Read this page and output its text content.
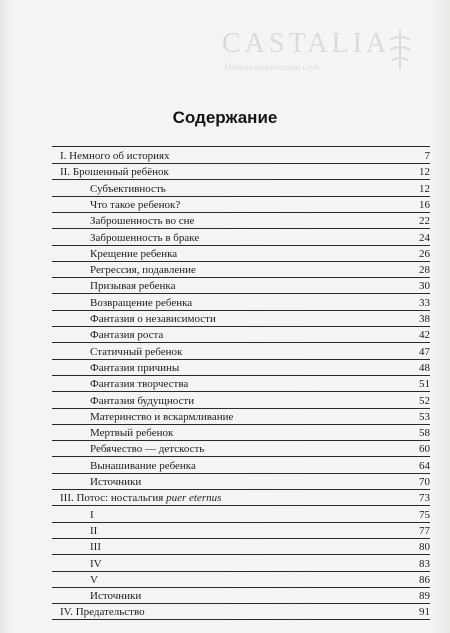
CASTALIA
Метаисторический клуб
Содержание
I. Немного об историях	7
II. Брошенный ребёнок	12
Субъективность	12
Что такое ребенок?	16
Заброшенность во сне	22
Заброшенность в браке	24
Крещение ребенка	26
Регрессия, подавление	28
Призывая ребенка	30
Возвращение ребенка	33
Фантазия о независимости	38
Фантазия роста	42
Статичный ребенок	47
Фантазия причины	48
Фантазия творчества	51
Фантазия будущности	52
Материнство и вскармливание	53
Мертвый ребенок	58
Ребячество — детскость	60
Вынашивание ребенка	64
Источники	70
III. Потос: ностальгия puer eternus	73
I	75
II	77
III	80
IV	83
V	86
Источники	89
IV. Предательство	91
